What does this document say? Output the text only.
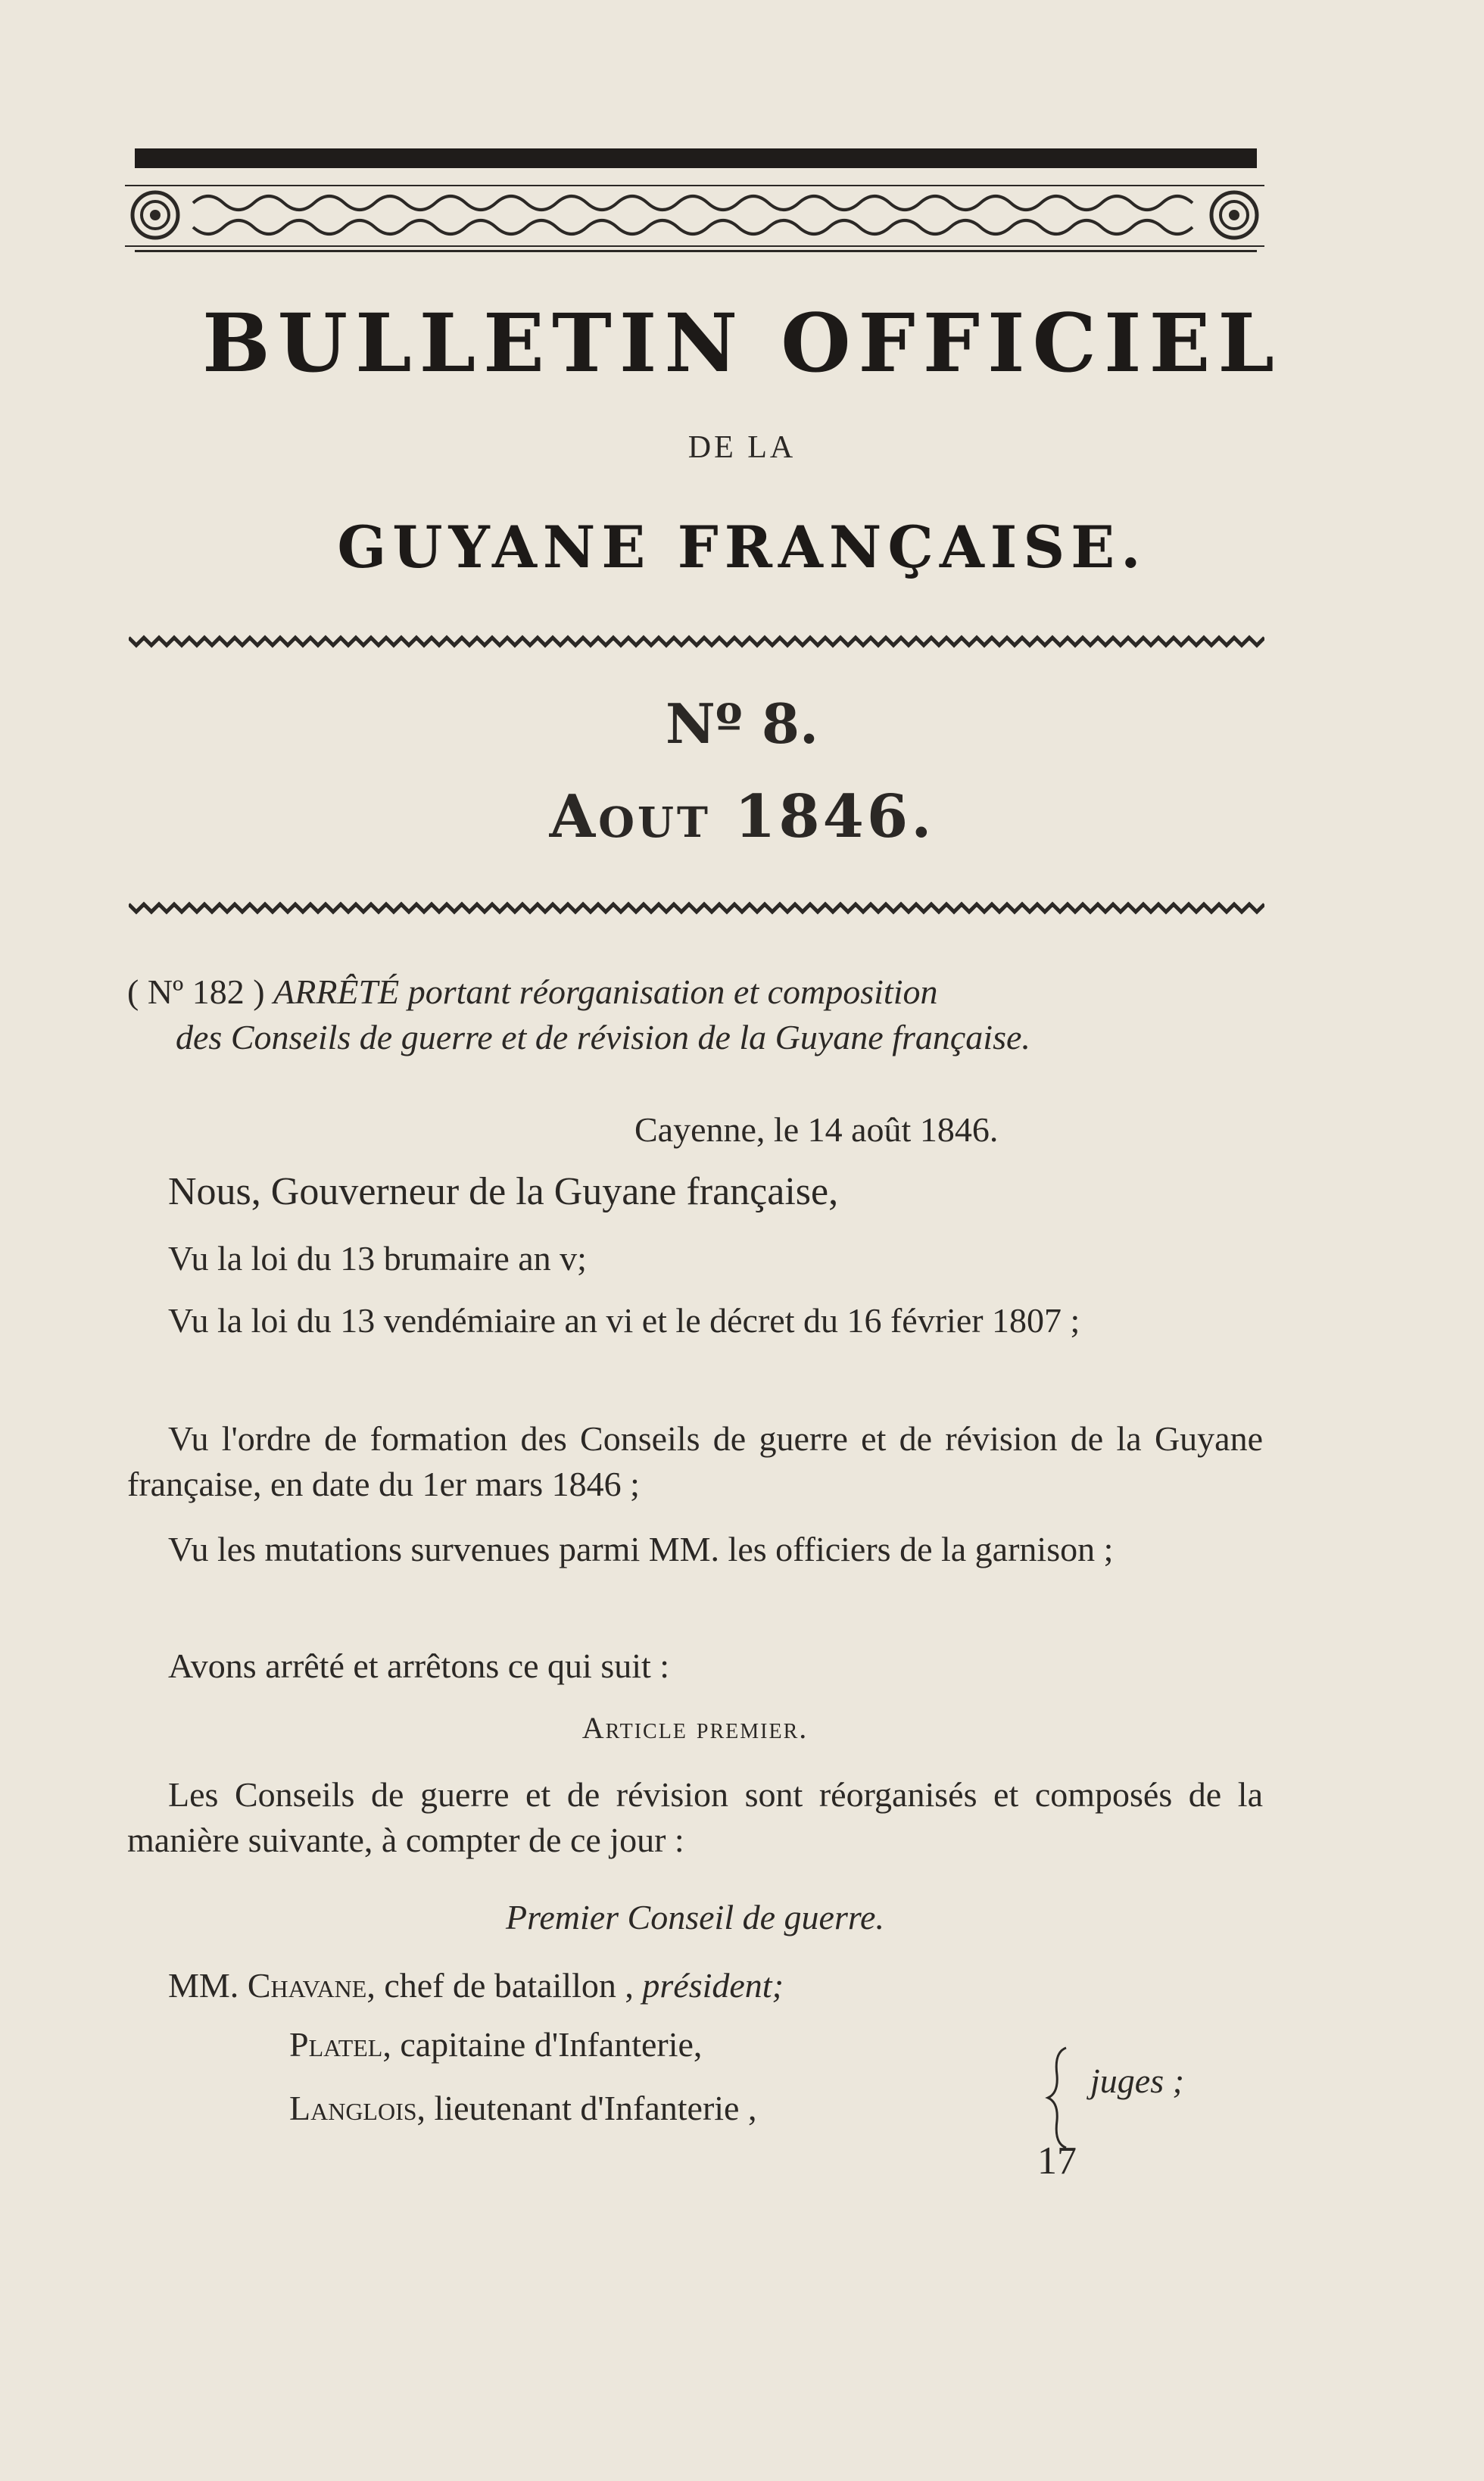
BULLETIN OFFICIEL
DE LA
GUYANE FRANÇAISE.
Nº 8.
Aout 1846.
( Nº 182 ) ARRÊTÉ portant réorganisation et composition
des Conseils de guerre et de révision de la Guyane française.
Cayenne, le 14 août 1846.
Nous, Gouverneur de la Guyane française,
Vu la loi du 13 brumaire an v;
Vu la loi du 13 vendémiaire an vi et le décret du 16 février 1807 ;
Vu l'ordre de formation des Conseils de guerre et de révision de la Guyane française, en date du 1er mars 1846 ;
Vu les mutations survenues parmi MM. les officiers de la garnison ;
Avons arrêté et arrêtons ce qui suit :
Article premier.
Les Conseils de guerre et de révision sont réorganisés et composés de la manière suivante, à compter de ce jour :
Premier Conseil de guerre.
MM. Chavane, chef de bataillon , président;
Platel, capitaine d'Infanterie,
Langlois, lieutenant d'Infanterie ,
juges ;
17
